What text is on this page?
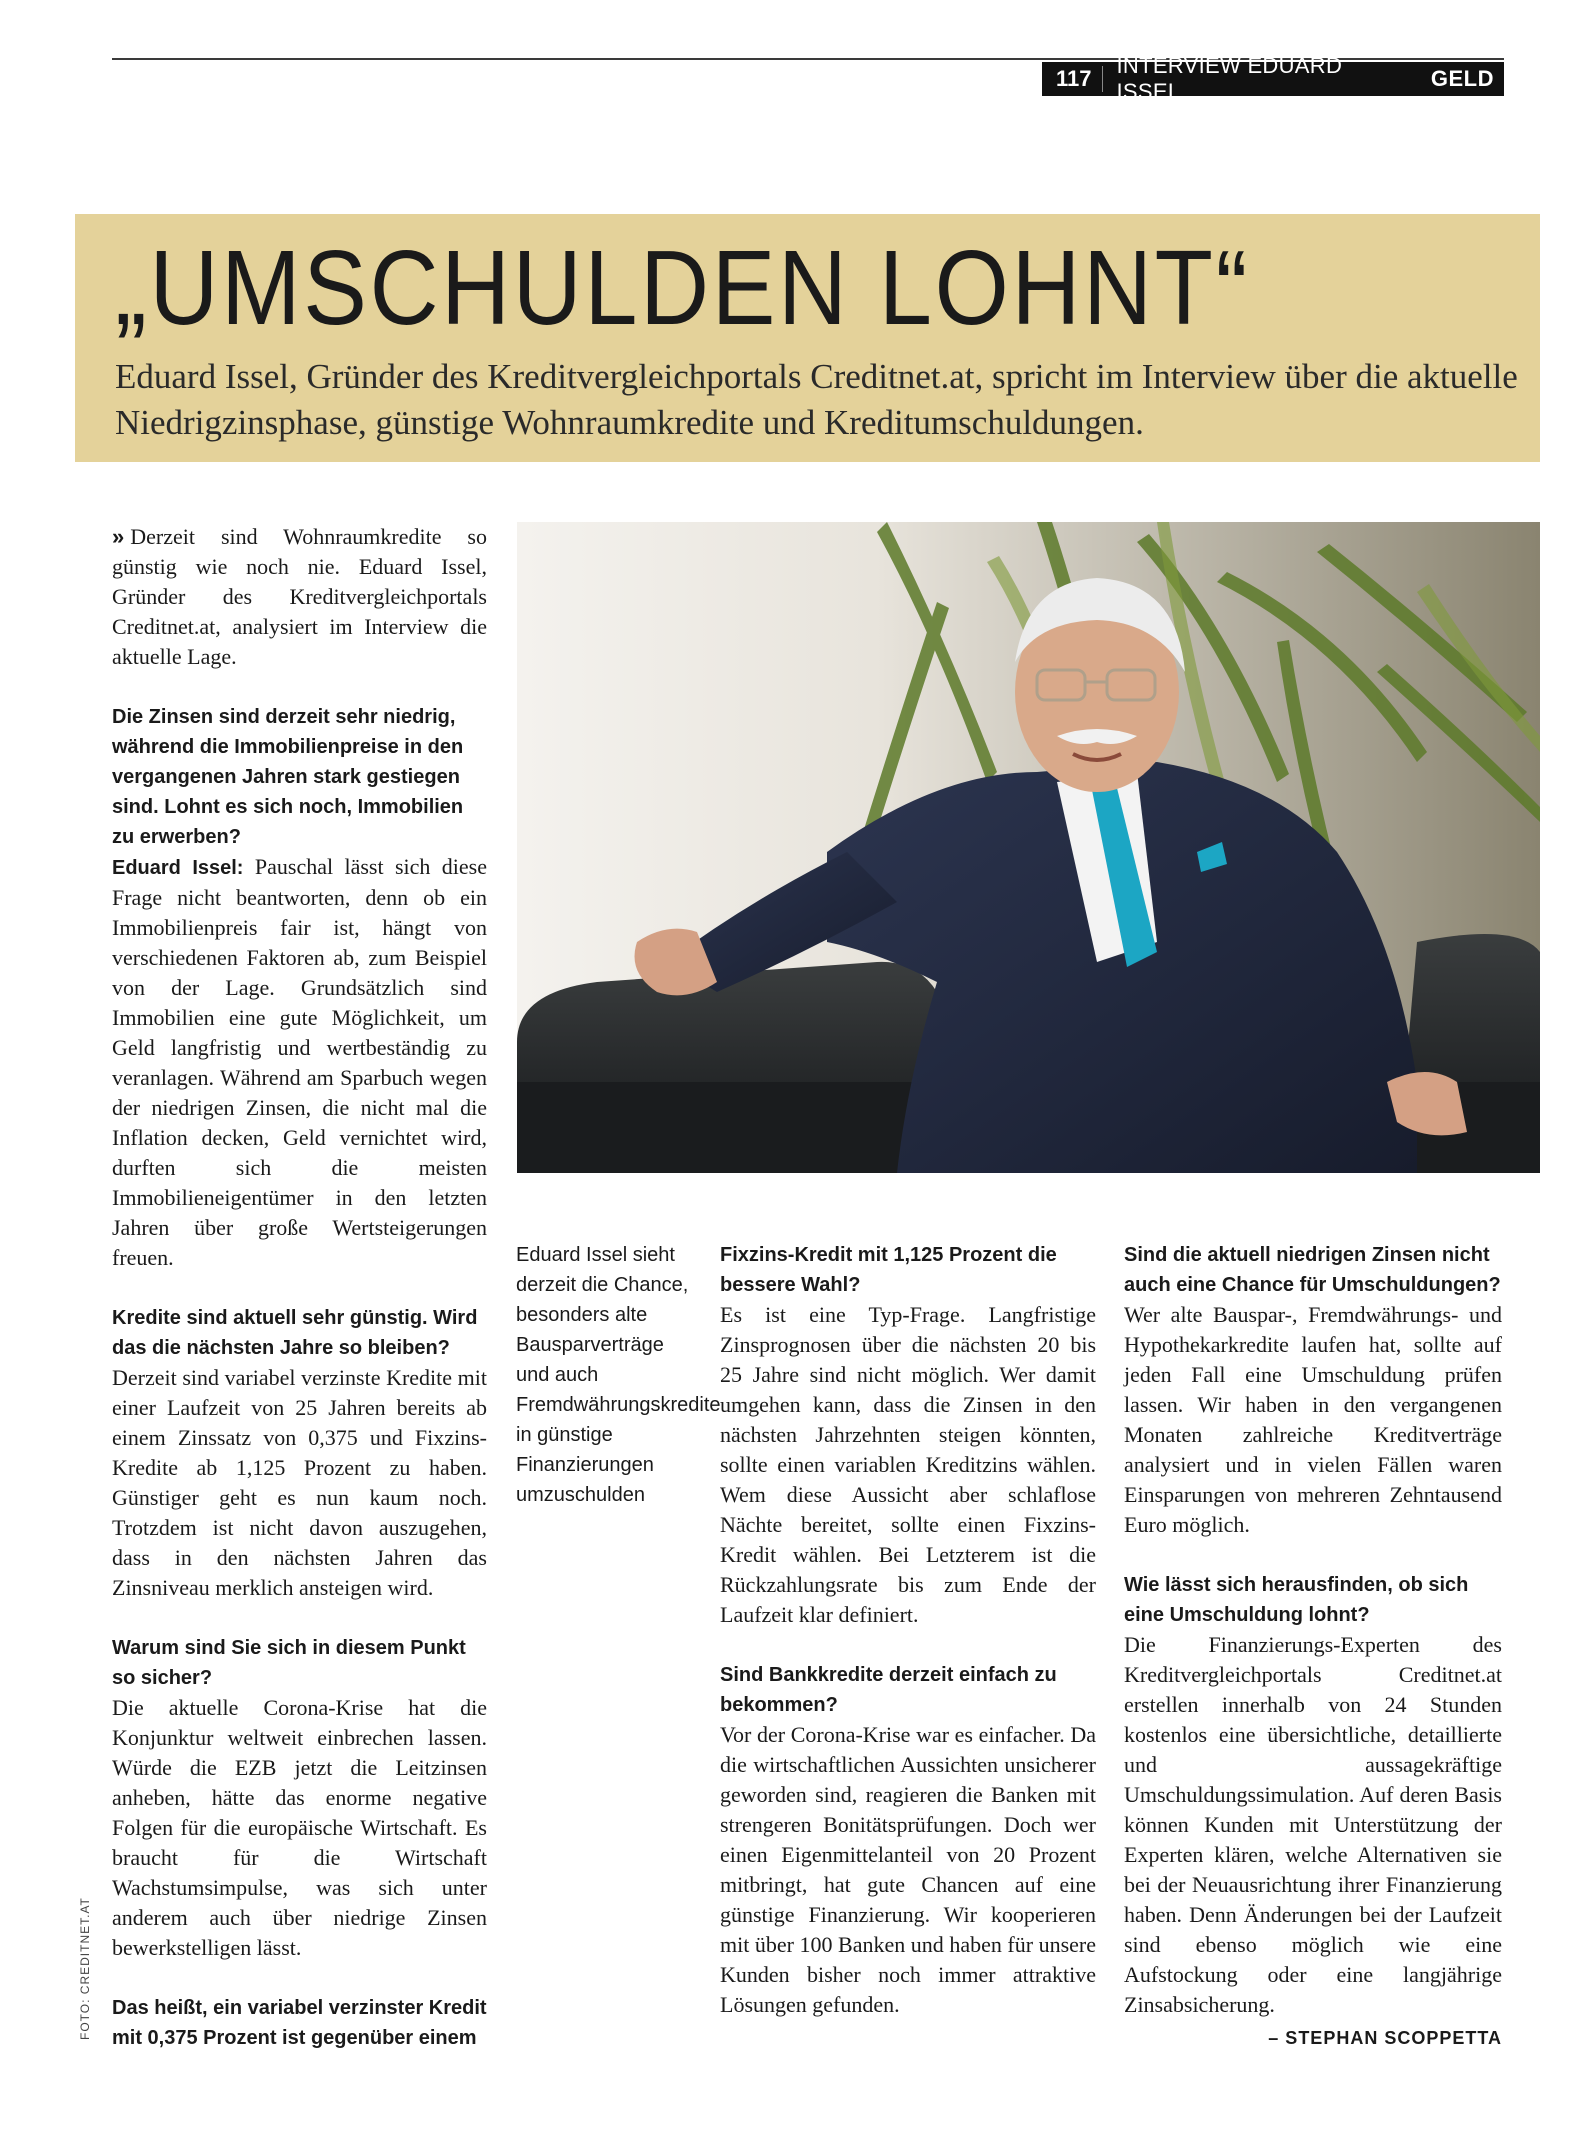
117
INTERVIEW EDUARD ISSEL
GELD
„UMSCHULDEN LOHNT“
Eduard Issel, Gründer des Kreditvergleichportals Creditnet.at, spricht im Interview über die aktuelle Niedrigzinsphase, günstige Wohnraumkredite und Kreditumschuldungen.

» Derzeit sind Wohnraumkredite so günstig wie noch nie. Eduard Issel, Gründer des Kreditvergleichportals Creditnet.at, analysiert im Interview die aktuelle Lage.

Die Zinsen sind derzeit sehr niedrig, während die Immobilienpreise in den vergangenen Jahren stark gestiegen sind. Lohnt es sich noch, Immobilien zu erwerben?
Eduard Issel: Pauschal lässt sich diese Frage nicht beantworten, denn ob ein Immobilienpreis fair ist, hängt von verschiedenen Faktoren ab, zum Beispiel von der Lage. Grundsätzlich sind Immobilien eine gute Möglichkeit, um Geld langfristig und wertbeständig zu veranlagen. Während am Sparbuch wegen der niedrigen Zinsen, die nicht mal die Inflation decken, Geld vernichtet wird, durften sich die meisten Immobilieneigentümer in den letzten Jahren über große Wertsteigerungen freuen.

Kredite sind aktuell sehr günstig. Wird das die nächsten Jahre so bleiben?
Derzeit sind variabel verzinste Kredite mit einer Laufzeit von 25 Jahren bereits ab einem Zinssatz von 0,375 und Fixzins-Kredite ab 1,125 Prozent zu haben. Günstiger geht es nun kaum noch. Trotzdem ist nicht davon auszugehen, dass in den nächsten Jahren das Zinsniveau merklich ansteigen wird.

Warum sind Sie sich in diesem Punkt so sicher?
Die aktuelle Corona-Krise hat die Konjunktur weltweit einbrechen lassen. Würde die EZB jetzt die Leitzinsen anheben, hätte das enorme negative Folgen für die europäische Wirtschaft. Es braucht für die Wirtschaft Wachstumsimpulse, was sich unter anderem auch über niedrige Zinsen bewerkstelligen lässt.

Das heißt, ein variabel verzinster Kredit mit 0,375 Prozent ist gegenüber einem

Eduard Issel sieht derzeit die Chance, besonders alte Bausparverträge und auch Fremdwährungskredite in günstige Finanzierungen umzuschulden

Fixzins-Kredit mit 1,125 Prozent die bessere Wahl?
Es ist eine Typ-Frage. Langfristige Zinsprognosen über die nächsten 20 bis 25 Jahre sind nicht möglich. Wer damit umgehen kann, dass die Zinsen in den nächsten Jahrzehnten steigen könnten, sollte einen variablen Kreditzins wählen. Wem diese Aussicht aber schlaflose Nächte bereitet, sollte einen Fixzins-Kredit wählen. Bei Letzterem ist die Rückzahlungsrate bis zum Ende der Laufzeit klar definiert.

Sind Bankkredite derzeit einfach zu bekommen?
Vor der Corona-Krise war es einfacher. Da die wirtschaftlichen Aussichten unsicherer geworden sind, reagieren die Banken mit strengeren Bonitätsprüfungen. Doch wer einen Eigenmittelanteil von 20 Prozent mitbringt, hat gute Chancen auf eine günstige Finanzierung. Wir kooperieren mit über 100 Banken und haben für unsere Kunden bisher noch immer attraktive Lösungen gefunden.

Sind die aktuell niedrigen Zinsen nicht auch eine Chance für Umschuldungen?
Wer alte Bauspar-, Fremdwährungs- und Hypothekarkredite laufen hat, sollte auf jeden Fall eine Umschuldung prüfen lassen. Wir haben in den vergangenen Monaten zahlreiche Kreditverträge analysiert und in vielen Fällen waren Einsparungen von mehreren Zehntausend Euro möglich.

Wie lässt sich herausfinden, ob sich eine Umschuldung lohnt?
Die Finanzierungs-Experten des Kreditvergleichportals Creditnet.at erstellen innerhalb von 24 Stunden kostenlos eine übersichtliche, detaillierte und aussagekräftige Umschuldungssimulation. Auf deren Basis können Kunden mit Unterstützung der Experten klären, welche Alternativen sie bei der Neuausrichtung ihrer Finanzierung haben. Denn Änderungen bei der Laufzeit sind ebenso möglich wie eine Aufstockung oder eine langjährige Zinsabsicherung.

– STEPHAN SCOPPETTA
FOTO: CREDITNET.AT
